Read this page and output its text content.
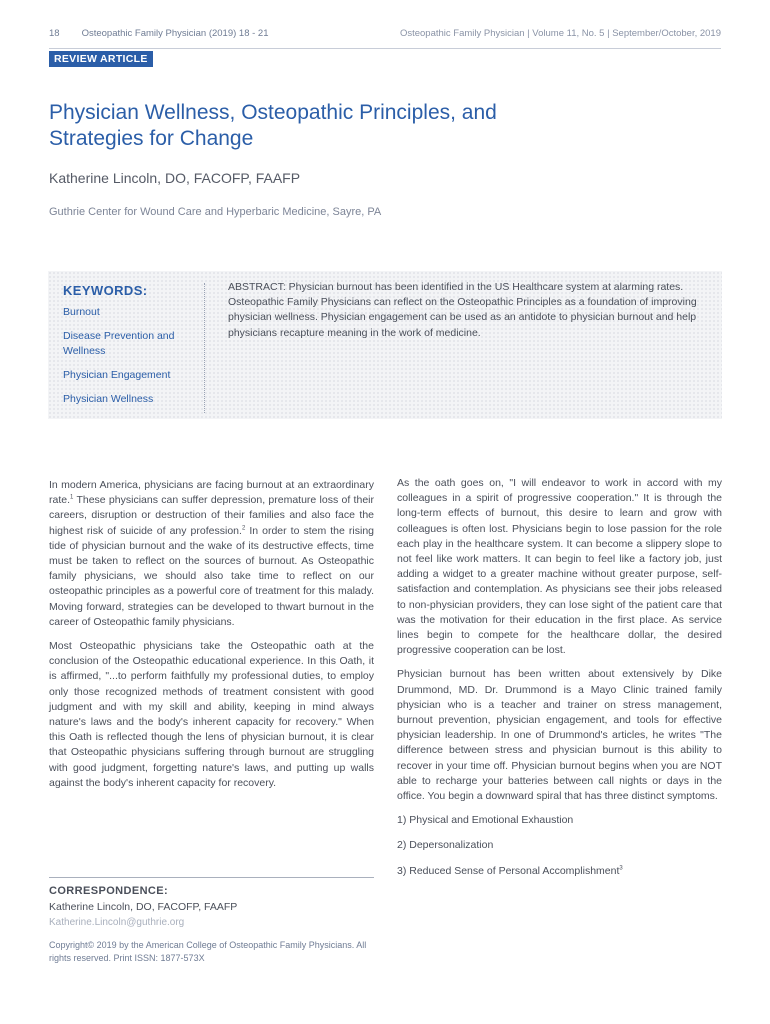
18 Osteopathic Family Physician (2019) 18 - 21	Osteopathic Family Physician | Volume 11, No. 5 | September/October, 2019
REVIEW ARTICLE
Physician Wellness, Osteopathic Principles, and Strategies for Change
Katherine Lincoln, DO, FACOFP, FAAFP
Guthrie Center for Wound Care and Hyperbaric Medicine, Sayre, PA
KEYWORDS:
Burnout
Disease Prevention and Wellness
Physician Engagement
Physician Wellness

ABSTRACT: Physician burnout has been identified in the US Healthcare system at alarming rates. Osteopathic Family Physicians can reflect on the Osteopathic Principles as a foundation of improving physician wellness. Physician engagement can be used as an antidote to physician burnout and help physicians recapture meaning in the work of medicine.

In modern America, physicians are facing burnout at an extraordinary rate.$^1$ These physicians can suffer depression, premature loss of their careers, disruption or destruction of their families and also face the highest risk of suicide of any profession.$^2$ In order to stem the rising tide of physician burnout and the wake of its destructive effects, time must be taken to reflect on the sources of burnout. As Osteopathic family physicians, we should also take time to reflect on our osteopathic principles as a powerful core of treatment for this malady. Moving forward, strategies can be developed to thwart burnout in the career of Osteopathic family physicians.

Most Osteopathic physicians take the Osteopathic oath at the conclusion of the Osteopathic educational experience. In this Oath, it is affirmed, "...to perform faithfully my professional duties, to employ only those recognized methods of treatment consistent with good judgment and with my skill and ability, keeping in mind always nature's laws and the body's inherent capacity for recovery." When this Oath is reflected though the lens of physician burnout, it is clear that Osteopathic physicians suffering through burnout are struggling with good judgment, forgetting nature's laws, and putting up walls against the body's inherent capacity for recovery.

As the oath goes on, "I will endeavor to work in accord with my colleagues in a spirit of progressive cooperation." It is through the long-term effects of burnout, this desire to learn and grow with colleagues is often lost. Physicians begin to lose passion for the role each play in the healthcare system. It can become a slippery slope to not feel like work matters. It can begin to feel like a factory job, just adding a widget to a greater machine without greater purpose, self-satisfaction and contemplation. As physicians see their jobs released to non-physician providers, they can lose sight of the patient care that was the motivation for their education in the first place. As service lines begin to compete for the healthcare dollar, the desired progressive cooperation can be lost.

Physician burnout has been written about extensively by Dike Drummond, MD. Dr. Drummond is a Mayo Clinic trained family physician who is a teacher and trainer on stress management, burnout prevention, physician engagement, and tools for effective physician leadership. In one of Drummond's articles, he writes "The difference between stress and physician burnout is this ability to recover in your time off. Physician burnout begins when you are NOT able to recharge your batteries between call nights or days in the office. You begin a downward spiral that has three distinct symptoms.

1) Physical and Emotional Exhaustion

2) Depersonalization

3) Reduced Sense of Personal Accomplishment$^3$

CORRESPONDENCE:
Katherine Lincoln, DO, FACOFP, FAAFP
Katherine.Lincoln@guthrie.org

Copyright© 2019 by the American College of Osteopathic Family Physicians. All rights reserved. Print ISSN: 1877-573X
